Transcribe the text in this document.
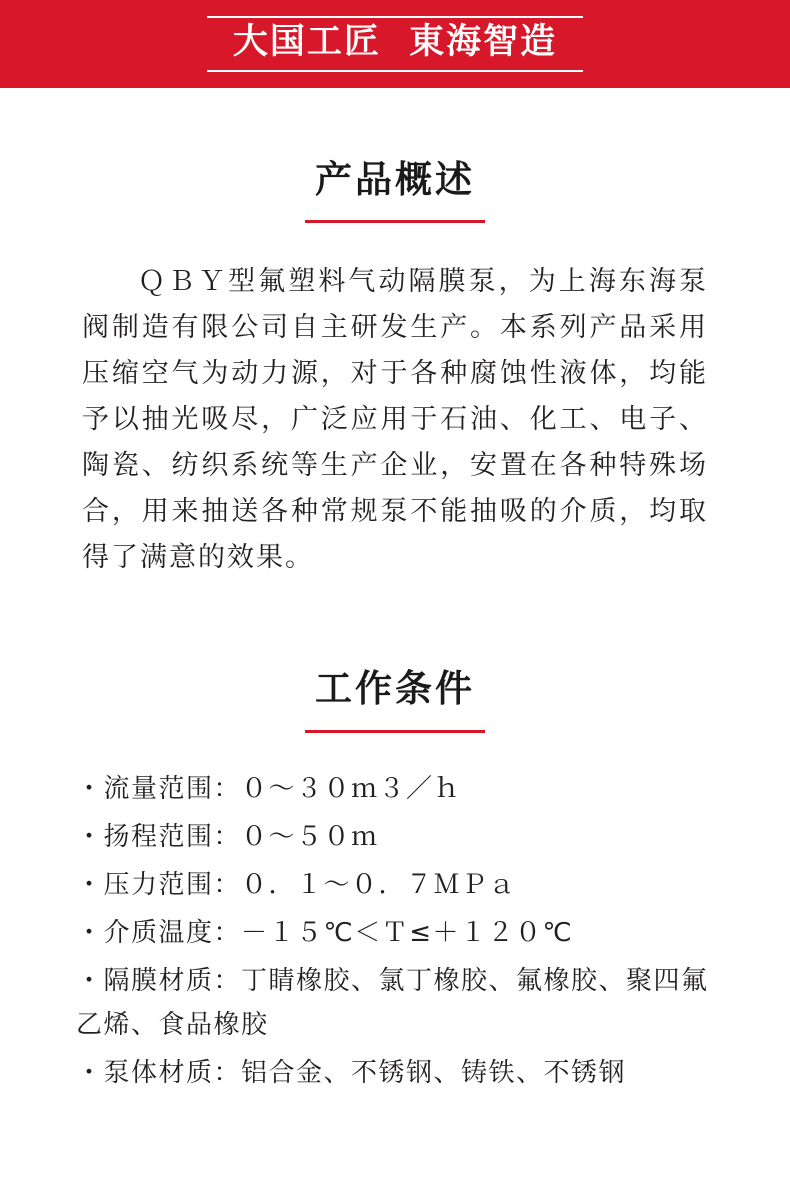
大国工匠  東海智造
产品概述

ＱＢＹ型氟塑料气动隔膜泵，为上海东海泵阀制造有限公司自主研发生产。本系列产品采用压缩空气为动力源，对于各种腐蚀性液体，均能予以抽光吸尽，广泛应用于石油、化工、电子、陶瓷、纺织系统等生产企业，安置在各种特殊场合，用来抽送各种常规泵不能抽吸的介质，均取得了满意的效果。

工作条件
・流量范围：０～３０ｍ３／ｈ
・扬程范围：０～５０ｍ
・压力范围：０．１～０．７ＭＰａ
・介质温度：－１５℃＜Ｔ≤＋１２０℃
・隔膜材质：丁睛橡胶、氯丁橡胶、氟橡胶、聚四氟乙烯、食品橡胶
・泵体材质：铝合金、不锈钢、铸铁、不锈钢
